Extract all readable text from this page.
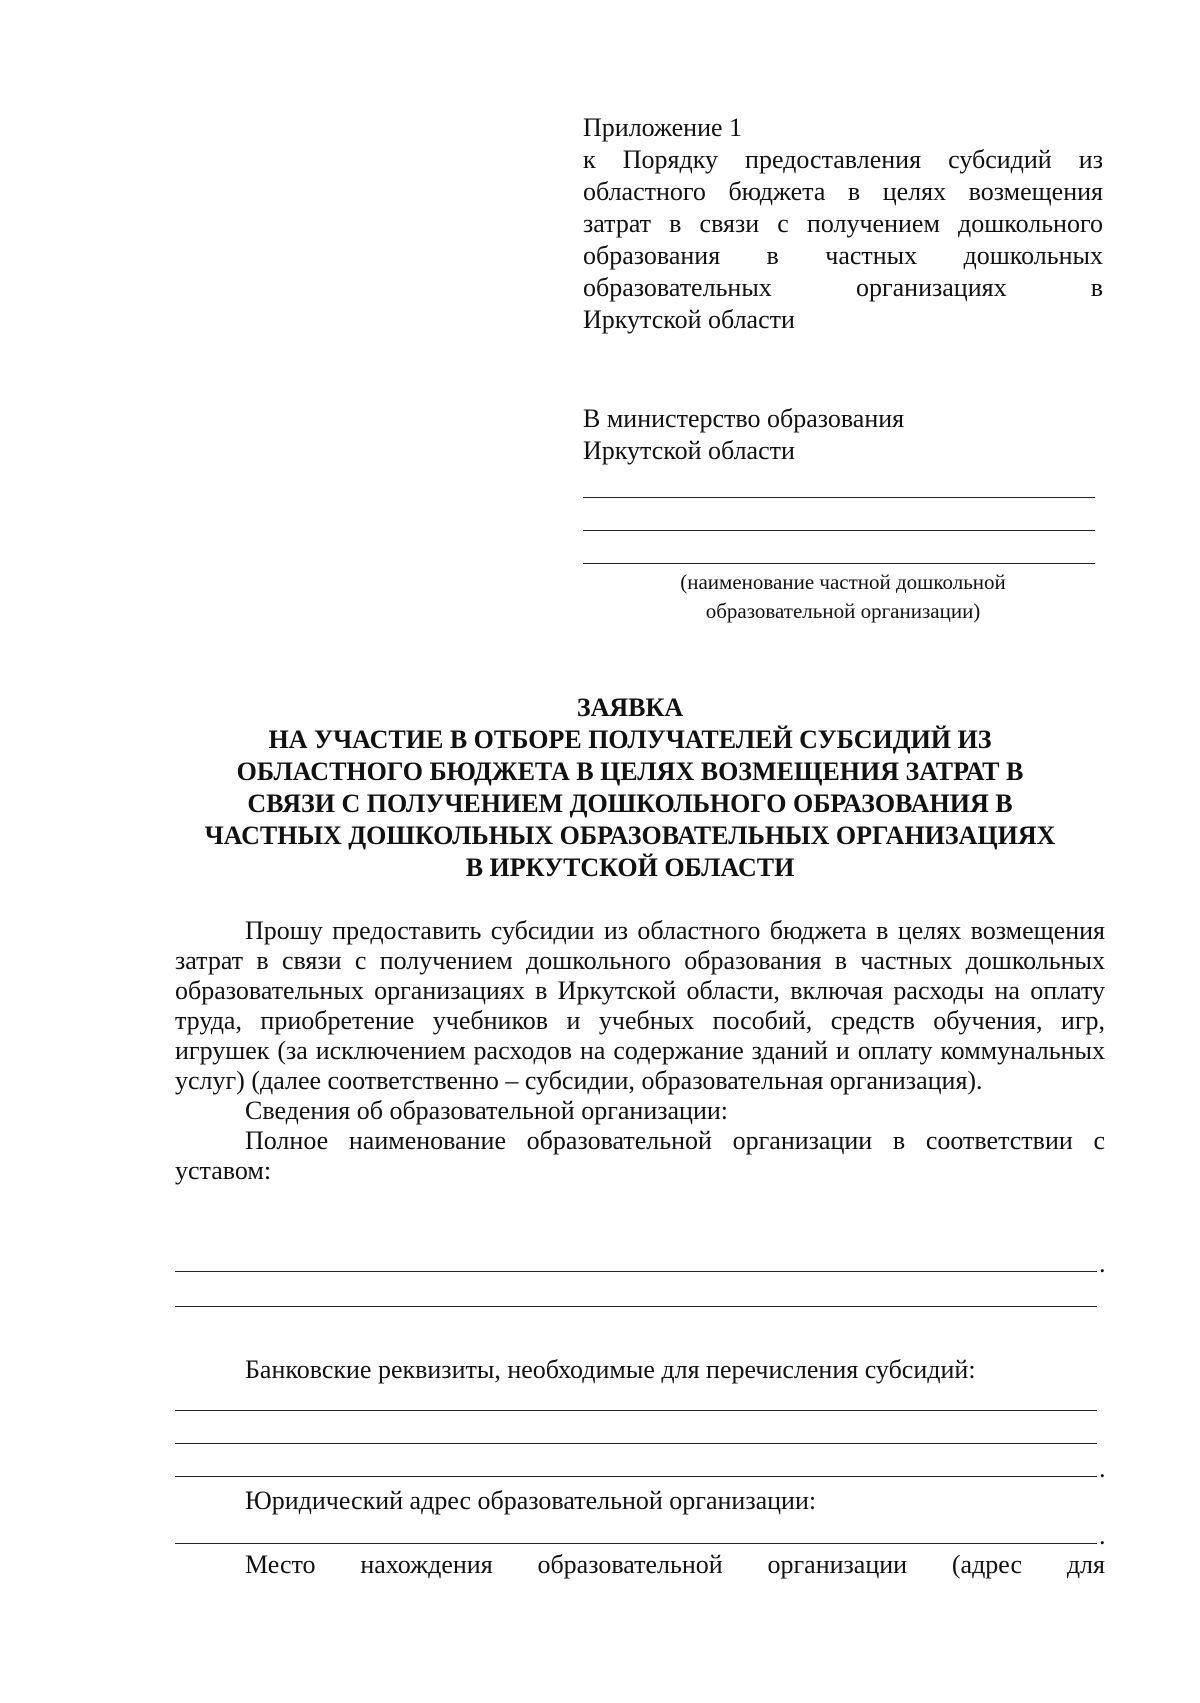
Приложение 1
к Порядку предоставления субсидий из
областного бюджета в целях возмещения
затрат в связи с получением дошкольного
образования в частных дошкольных
образовательных организациях в
Иркутской области
В министерство образования
Иркутской области
(наименование частной дошкольной
образовательной организации)
ЗАЯВКА
НА УЧАСТИЕ В ОТБОРЕ ПОЛУЧАТЕЛЕЙ СУБСИДИЙ ИЗ
ОБЛАСТНОГО БЮДЖЕТА В ЦЕЛЯХ ВОЗМЕЩЕНИЯ ЗАТРАТ В
СВЯЗИ С ПОЛУЧЕНИЕМ ДОШКОЛЬНОГО ОБРАЗОВАНИЯ В
ЧАСТНЫХ ДОШКОЛЬНЫХ ОБРАЗОВАТЕЛЬНЫХ ОРГАНИЗАЦИЯХ
В ИРКУТСКОЙ ОБЛАСТИ

Прошу предоставить субсидии из областного бюджета в целях возмещения затрат в связи с получением дошкольного образования в частных дошкольных образовательных организациях в Иркутской области, включая расходы на оплату труда, приобретение учебников и учебных пособий, средств обучения, игр, игрушек (за исключением расходов на содержание зданий и оплату коммунальных услуг) (далее соответственно – субсидии, образовательная организация).

Сведения об образовательной организации:

Полное наименование образовательной организации в соответствии с уставом:

.
Банковские реквизиты, необходимые для перечисления субсидий:
.
Юридический адрес образовательной организации:
.
Место нахождения образовательной организации (адрес для
